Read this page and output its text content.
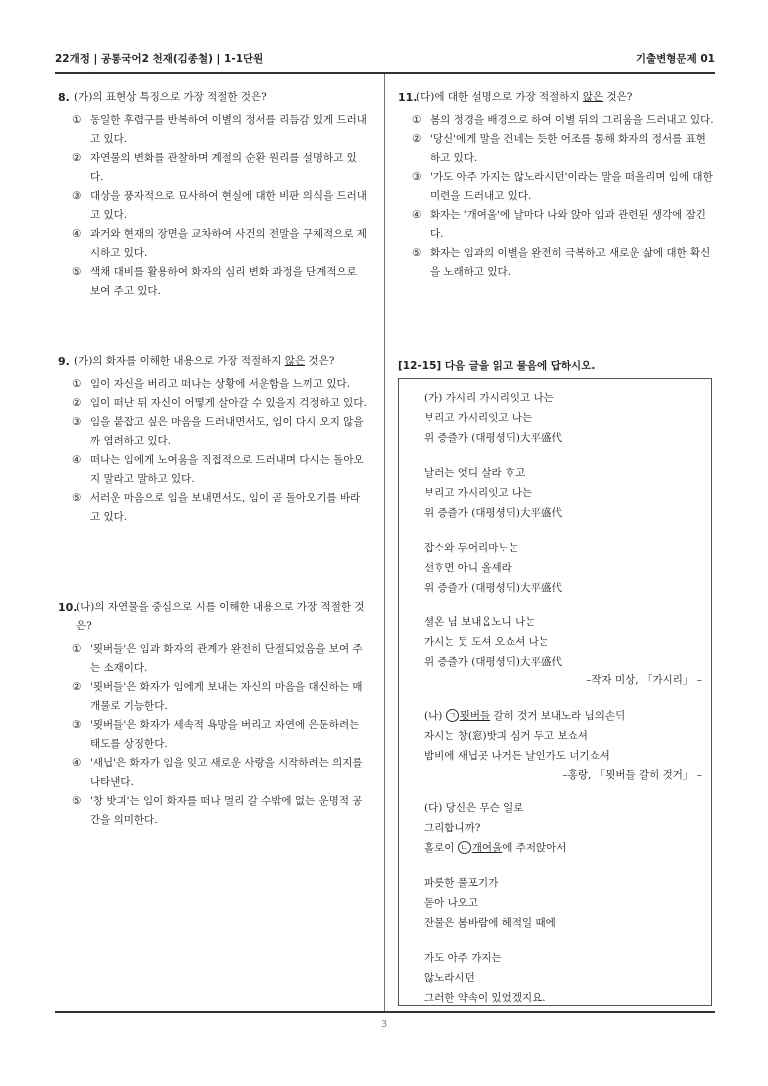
22개정 | 공통국어2 천재(김종철) | 1-1단원	기출변형문제 01
8. (가)의 표현상 특징으로 가장 적절한 것은?
① 동일한 후렴구를 반복하여 이별의 정서를 리듬감 있게 드러내고 있다.
② 자연물의 변화를 관찰하며 계절의 순환 원리를 설명하고 있다.
③ 대상을 풍자적으로 묘사하여 현실에 대한 비판 의식을 드러내고 있다.
④ 과거와 현재의 장면을 교차하여 사건의 전말을 구체적으로 제시하고 있다.
⑤ 색채 대비를 활용하여 화자의 심리 변화 과정을 단계적으로 보여 주고 있다.
9. (가)의 화자를 이해한 내용으로 가장 적절하지 않은 것은?
① 임이 자신을 버리고 떠나는 상황에 서운함을 느끼고 있다.
② 임이 떠난 뒤 자신이 어떻게 살아갈 수 있을지 걱정하고 있다.
③ 임을 붙잡고 싶은 마음을 드러내면서도, 임이 다시 오지 않을까 염려하고 있다.
④ 떠나는 임에게 노여움을 직접적으로 드러내며 다시는 돌아오지 말라고 말하고 있다.
⑤ 서러운 마음으로 임을 보내면서도, 임이 곧 돌아오기를 바라고 있다.
10.
(나)의 자연물을 중심으로 시를 이해한 내용으로 가장 적절한 것은?
① '묏버들'은 임과 화자의 관계가 완전히 단절되었음을 보여 주는 소재이다.
② '묏버들'은 화자가 임에게 보내는 자신의 마음을 대신하는 매개물로 기능한다.
③ '묏버들'은 화자가 세속적 욕망을 버리고 자연에 은둔하려는 태도를 상징한다.
④ '새닙'은 화자가 임을 잊고 새로운 사랑을 시작하려는 의지를 나타낸다.
⑤ '창 밧긔'는 임이 화자를 떠나 멀리 갈 수밖에 없는 운명적 공간을 의미한다.
11.
(다)에 대한 설명으로 가장 적절하지 않은 것은?
① 봄의 정경을 배경으로 하여 이별 뒤의 그리움을 드러내고 있다.
② '당신'에게 말을 건네는 듯한 어조를 통해 화자의 정서를 표현하고 있다.
③ '가도 아주 가지는 않노라시던'이라는 말을 떠올리며 임에 대한 미련을 드러내고 있다.
④ 화자는 '개여울'에 날마다 나와 앉아 임과 관련된 생각에 잠긴다.
⑤ 화자는 임과의 이별을 완전히 극복하고 새로운 삶에 대한 확신을 노래하고 있다.
[12-15] 다음 글을 읽고 물음에 답하시오.
(가) 가시리 가시리잇고 나는
ᄇᆞ리고 가시리잇고 나는
위 증즐가 (대평셩ᄃᆡ)大平盛代
날러는 엇디 살라 ᄒᆞ고
ᄇᆞ리고 가시리잇고 나는
위 증즐가 (대평셩ᄃᆡ)大平盛代
잡ᄉᆞ와 두어리마ᄂᆞᄂᆞᆫ
선ᄒᆞ면 아니 올셰라
위 증즐가 (대평셩ᄃᆡ)大平盛代
셜온 님 보내ᄋᆞᆸ노니 나ᄂᆞᆫ
가시ᄂᆞᆫ ᄃᆞᆺ 도셔 오쇼셔 나ᄂᆞᆫ
위 증즐가 (대평셩ᄃᆡ)大平盛代
–작자 미상, 「가시리」 –
(나) ㄱ 묏버들 갈히 것거 보내노라 님의손ᄃᆡ
자시ᄂᆞᆫ 창(窓)밧긔 심거 두고 보쇼셔
밤비에 새닙곳 나거든 날인가도 너기쇼셔
–홍랑, 「묏버들 갈히 것거」 –
(다) 당신은 무슨 일로
그리합니까?
홀로이 ㄴ 개여울에 주저앉아서
파릇한 풀포기가
돋아 나오고
잔물은 봄바람에 헤적일 때에
가도 아주 가지는
않노라시던
그러한 약속이 있었겠지요.
3
